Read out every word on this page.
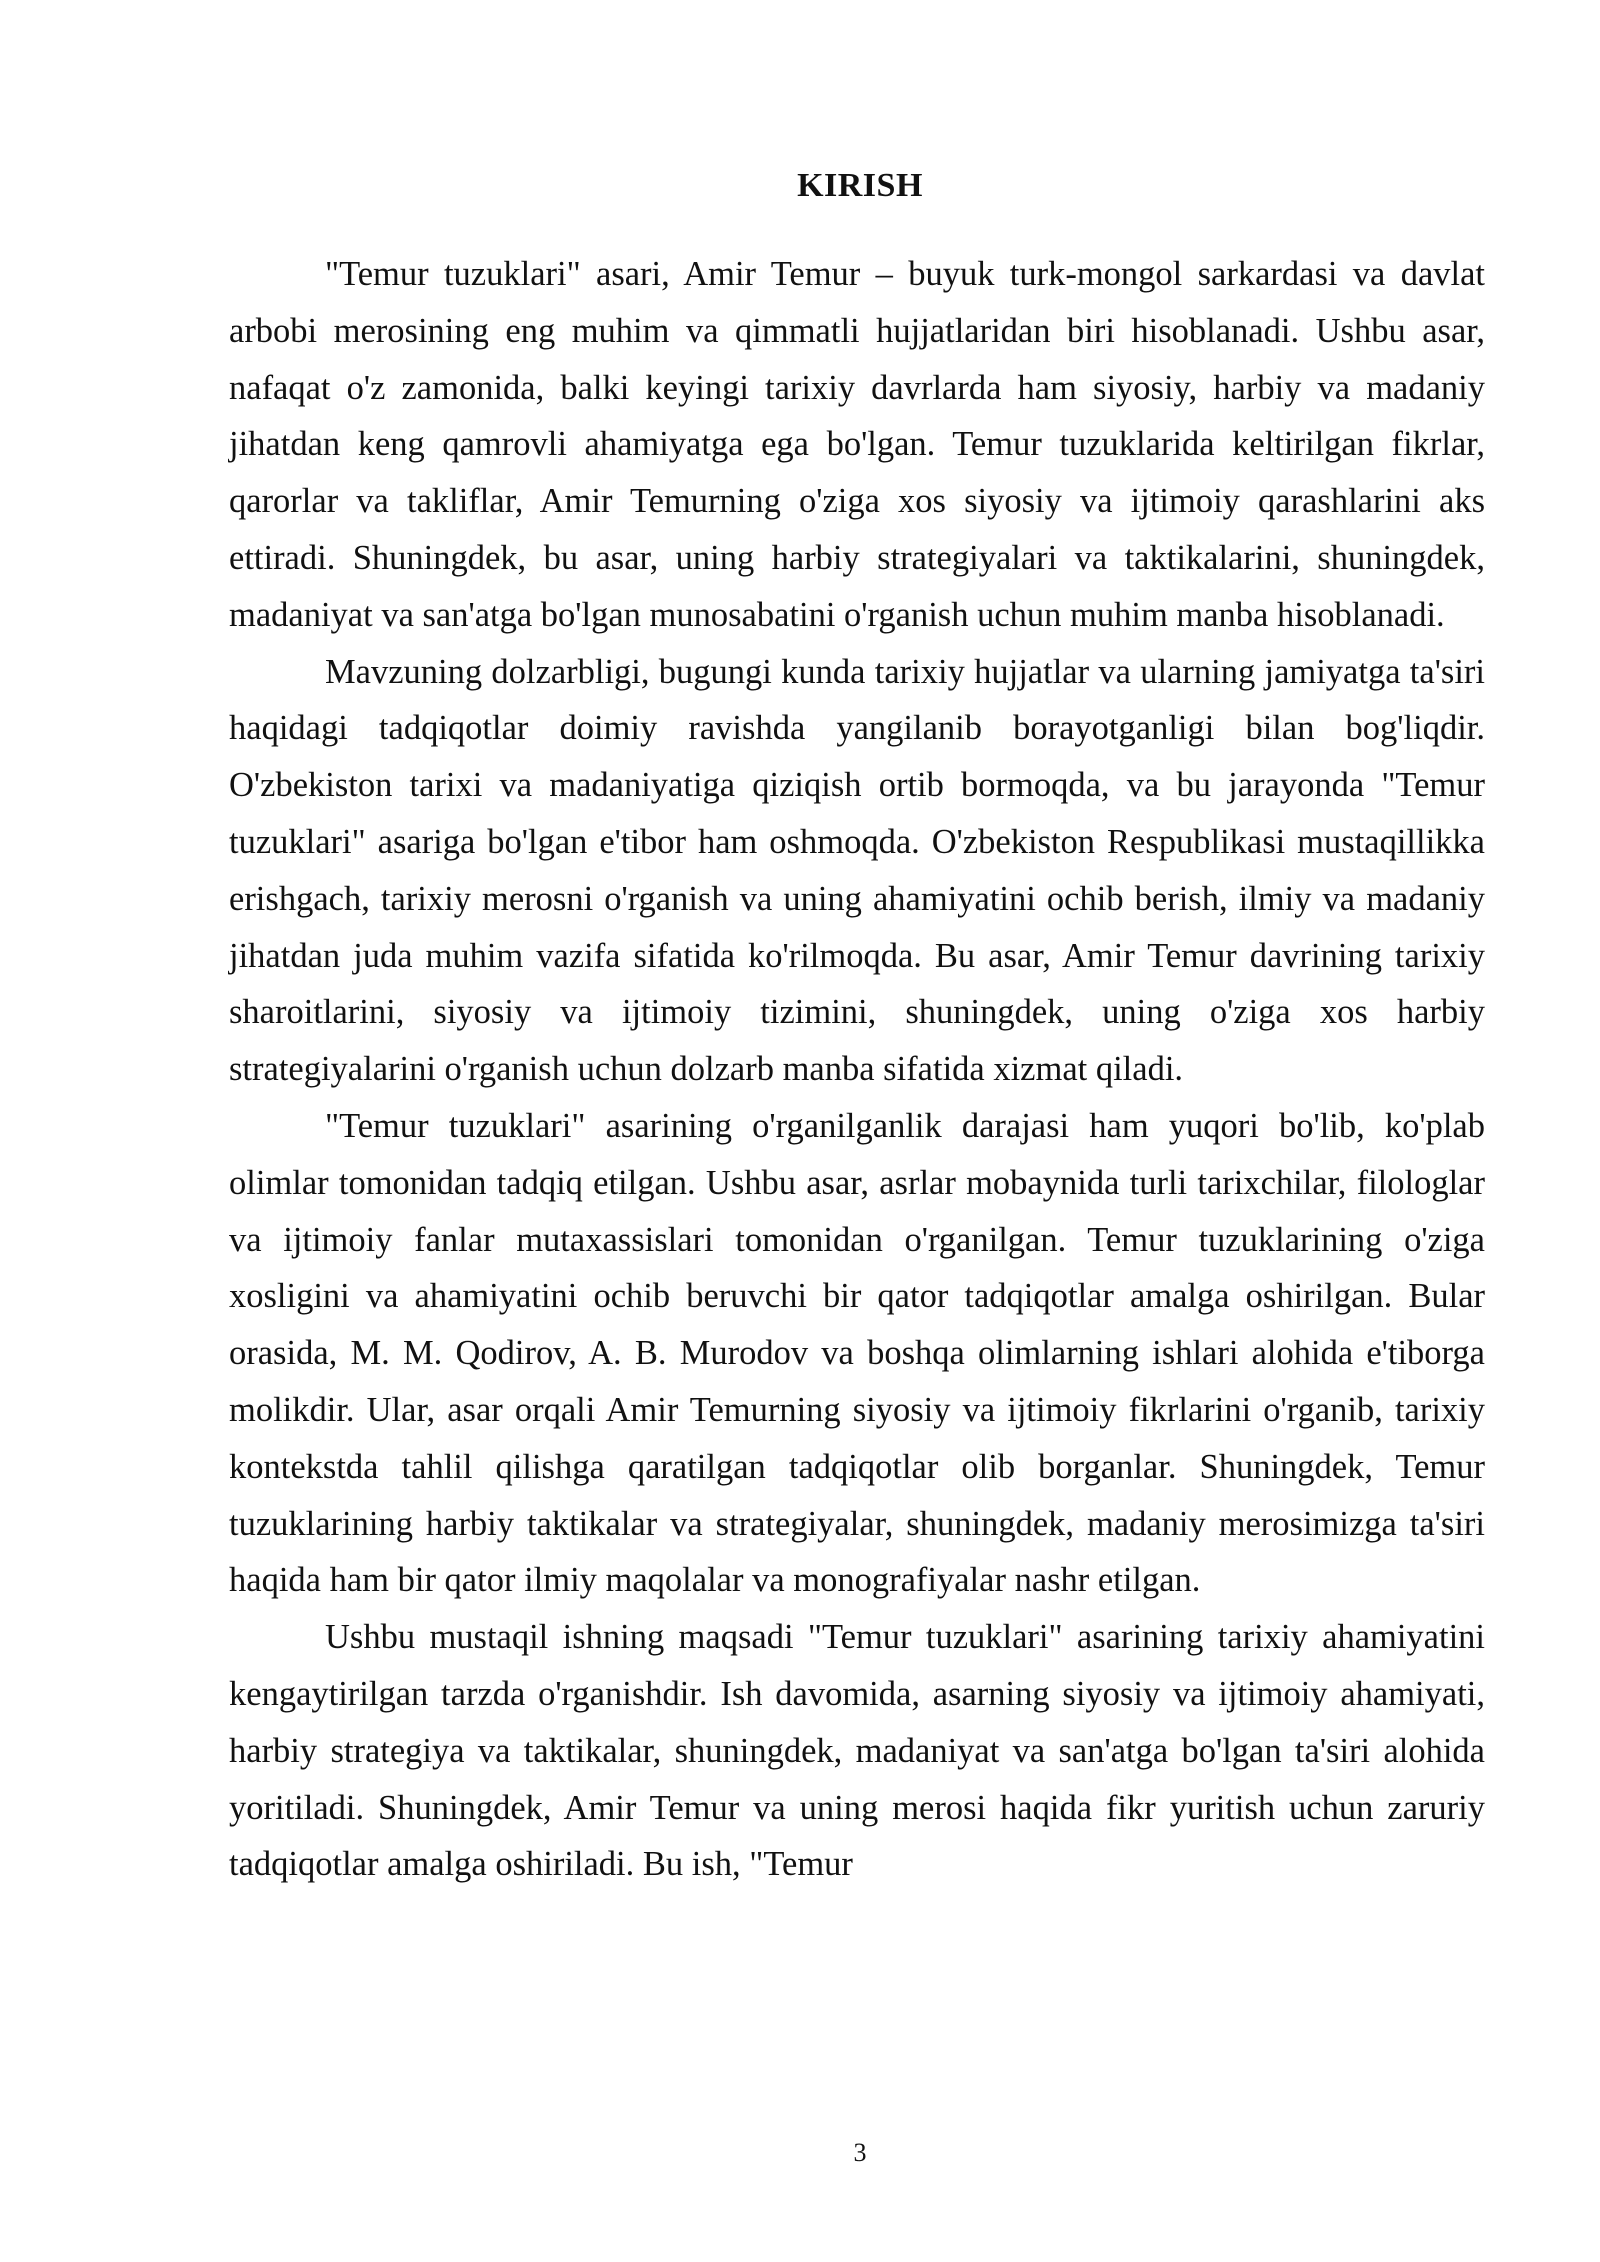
KIRISH

"Temur tuzuklari" asari, Amir Temur – buyuk turk-mongol sarkardasi va davlat arbobi merosining eng muhim va qimmatli hujjatlaridan biri hisoblanadi. Ushbu asar, nafaqat o'z zamonida, balki keyingi tarixiy davrlarda ham siyosiy, harbiy va madaniy jihatdan keng qamrovli ahamiyatga ega bo'lgan. Temur tuzuklarida keltirilgan fikrlar, qarorlar va takliflar, Amir Temurning o'ziga xos siyosiy va ijtimoiy qarashlarini aks ettiradi. Shuningdek, bu asar, uning harbiy strategiyalari va taktikalarini, shuningdek, madaniyat va san'atga bo'lgan munosabatini o'rganish uchun muhim manba hisoblanadi.

Mavzuning dolzarbligi, bugungi kunda tarixiy hujjatlar va ularning jamiyatga ta'siri haqidagi tadqiqotlar doimiy ravishda yangilanib borayotganligi bilan bog'liqdir. O'zbekiston tarixi va madaniyatiga qiziqish ortib bormoqda, va bu jarayonda "Temur tuzuklari" asariga bo'lgan e'tibor ham oshmoqda. O'zbekiston Respublikasi mustaqillikka erishgach, tarixiy merosni o'rganish va uning ahamiyatini ochib berish, ilmiy va madaniy jihatdan juda muhim vazifa sifatida ko'rilmoqda. Bu asar, Amir Temur davrining tarixiy sharoitlarini, siyosiy va ijtimoiy tizimini, shuningdek, uning o'ziga xos harbiy strategiyalarini o'rganish uchun dolzarb manba sifatida xizmat qiladi.

"Temur tuzuklari" asarining o'rganilganlik darajasi ham yuqori bo'lib, ko'plab olimlar tomonidan tadqiq etilgan. Ushbu asar, asrlar mobaynida turli tarixchilar, filologlar va ijtimoiy fanlar mutaxassislari tomonidan o'rganilgan. Temur tuzuklarining o'ziga xosligini va ahamiyatini ochib beruvchi bir qator tadqiqotlar amalga oshirilgan. Bular orasida, M. M. Qodirov, A. B. Murodov va boshqa olimlarning ishlari alohida e'tiborga molikdir. Ular, asar orqali Amir Temurning siyosiy va ijtimoiy fikrlarini o'rganib, tarixiy kontekstda tahlil qilishga qaratilgan tadqiqotlar olib borganlar. Shuningdek, Temur tuzuklarining harbiy taktikalar va strategiyalar, shuningdek, madaniy merosimizga ta'siri haqida ham bir qator ilmiy maqolalar va monografiyalar nashr etilgan.

Ushbu mustaqil ishning maqsadi "Temur tuzuklari" asarining tarixiy ahamiyatini kengaytirilgan tarzda o'rganishdir. Ish davomida, asarning siyosiy va ijtimoiy ahamiyati, harbiy strategiya va taktikalar, shuningdek, madaniyat va san'atga bo'lgan ta'siri alohida yoritiladi. Shuningdek, Amir Temur va uning merosi haqida fikr yuritish uchun zaruriy tadqiqotlar amalga oshiriladi. Bu ish, "Temur

3
